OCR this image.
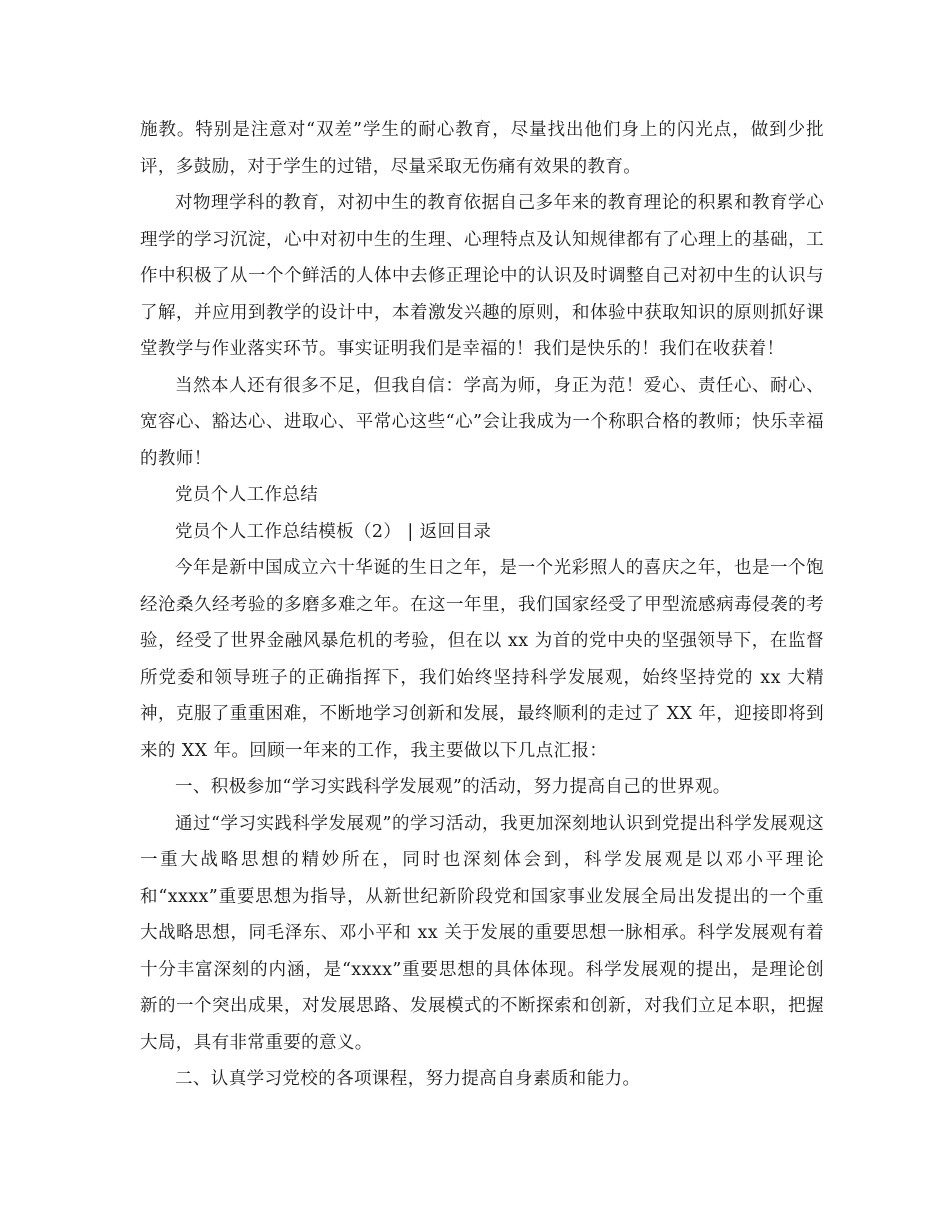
施教。特别是注意对“双差”学生的耐心教育，尽量找出他们身上的闪光点，做到少批评，多鼓励，对于学生的过错，尽量采取无伤痛有效果的教育。

对物理学科的教育，对初中生的教育依据自己多年来的教育理论的积累和教育学心理学的学习沉淀，心中对初中生的生理、心理特点及认知规律都有了心理上的基础，工作中积极了从一个个鲜活的人体中去修正理论中的认识及时调整自己对初中生的认识与了解，并应用到教学的设计中，本着激发兴趣的原则，和体验中获取知识的原则抓好课堂教学与作业落实环节。事实证明我们是幸福的！我们是快乐的！我们在收获着！

当然本人还有很多不足，但我自信：学高为师，身正为范！爱心、责任心、耐心、宽容心、豁达心、进取心、平常心这些“心”会让我成为一个称职合格的教师；快乐幸福的教师！

党员个人工作总结

党员个人工作总结模板（2） | 返回目录

今年是新中国成立六十华诞的生日之年，是一个光彩照人的喜庆之年，也是一个饱经沧桑久经考验的多磨多难之年。在这一年里，我们国家经受了甲型流感病毒侵袭的考验，经受了世界金融风暴危机的考验，但在以 xx 为首的党中央的坚强领导下，在监督所党委和领导班子的正确指挥下，我们始终坚持科学发展观，始终坚持党的 xx 大精神，克服了重重困难，不断地学习创新和发展，最终顺利的走过了 XX 年，迎接即将到来的 XX 年。回顾一年来的工作，我主要做以下几点汇报：

一、积极参加“学习实践科学发展观”的活动，努力提高自己的世界观。

通过“学习实践科学发展观”的学习活动，我更加深刻地认识到党提出科学发展观这一重大战略思想的精妙所在，同时也深刻体会到，科学发展观是以邓小平理论和“xxxx”重要思想为指导，从新世纪新阶段党和国家事业发展全局出发提出的一个重大战略思想，同毛泽东、邓小平和 xx 关于发展的重要思想一脉相承。科学发展观有着十分丰富深刻的内涵，是“xxxx”重要思想的具体体现。科学发展观的提出，是理论创新的一个突出成果，对发展思路、发展模式的不断探索和创新，对我们立足本职，把握大局，具有非常重要的意义。

二、认真学习党校的各项课程，努力提高自身素质和能力。
